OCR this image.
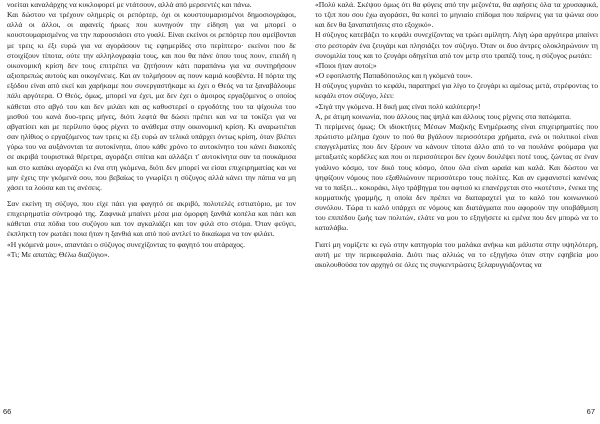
νοείται καναλάρχης να κυκλοφορεί με ντάτσουν, αλλά από μερσεντές και πάνω.

Και δώστου να τρέχουν ολημερίς οι ρεπόρτερ, όχι οι κουστουμαρισμένοι δημοσιογράφοι, αλλά οι άλλοι, οι αφανείς ήρωες που κυνηγούν την είδηση για να μπορεί ο κουστουμαρισμένος να την παρουσιάσει στο γυαλί. Είναι εκείνοι οι ρεπόρτερ που αμείβονται με τρεις κι έξι ευρώ για να αγοράσουν τις εφημερίδες στο περίπτερο· εκείνοι που δε στοιχίζουν τίποτα, ούτε την αλληλογραφία τους, και που θα πάνε όπου τους πουν, επειδή η οικονομική κρίση δεν τους επιτρέπει να ζητήσουν κάτι παραπάνω για να συντηρήσουν αξιοπρεπώς αυτούς και οικογένειες. Και αν τολμήσουν ας πουν καμιά κουβέντα. Η πόρτα της εξόδου είναι από εκεί και χαρήκαμε που συνεργαστήκαμε κι έχει ο Θεός να τα ξαναβάλουμε πάλι αργότερα. Ο Θεός, όμως, μπορεί να έχει, μα δεν έχει ο άμοιρος εργαζόμενος ο οποίος κάθεται στο αβγό του και δεν μιλάει και ας καθυστερεί ο εργοδότης του τα ψίχουλα του μισθού του κανά δυο-τρεις μήνες, διότι λεφτά θα δώσει πρέπει και να τα τοκίζει για να αβγατίσει και με περίλυπο ύφος ρίχνει το ανάθεμα στην οικονομική κρίση. Κι αναρωτιέται σαν ηλίθιος ο εργαζόμενος των τρεις κι έξι ευρώ αν τελικά υπάρχει όντως κρίση, όταν βλέπει γύρω του να αυξάνονται τα αυτοκίνητα, όπου κάθε χρόνο το αυτοκίνητο του κάνει διακοπές σε ακριβά τουριστικά θέρετρα, αγοράζει σπίτια και αλλάζει τ' αυτοκίνητα σαν τα πουκάμισα και στο καπάκι αγοράζει κι ένα στη γκόμενα, διότι δεν μπορεί να είσαι επιχειρηματίας και να μην έχεις την γκόμενά σου, που βεβαίως το γνωρίζει η σύζυγος αλλά κάνει την πάπια να μη χάσει τα λούσα και τις ανέσεις.

Σαν εκείνη τη σύζυγο, που είχε πάει για φαγητό σε ακριβό, πολυτελές εστιατόριο, με τον επιχειρηματία σύντροφό της. Ζαφνικά μπαίνει μέσα μια όμορφη ξανθιά κοπέλα και πάει και κάθεται στα πόδια του συζύγου και τον αγκαλιάζει και τον φιλά στο στόμα. Όταν φεύγει, έκπληκτη τον ρωτάει ποια ήταν η ξανθιά και από πού αντλεί το δικαίωμα να τον φιλάει.

«Η γκόμενά μου», απαντάει ο σύζυγος συνεχίζοντας το φαγητό του ατάραχος.

«Τι; Με απατάς; Θέλω διαζύγιο».

66

«Πολύ καλά. Σκέψου όμως ότι θα φύγεις από την μεζονέτα, θα αφήσεις όλα τα χρυσαφικά, το τζιπ που σου έχω αγοράσει, θα κοπεί το μηνιαίο επίδομα που παίρνεις για τα ψώνια σου και δεν θα ξαναπατήσεις στο εξοχικό».

Η σύζυγος κατεβάζει το κεφάλι συνεχίζοντας να τρώει αμίλητη. Λίγη ώρα αργότερα μπαίνει στο ρεστοράν ένα ζευγάρι και πλησιάζει τον σύζυγο. Όταν οι δυο άντρες ολοκληρώνουν τη συνομιλία τους και το ζευγάρι οδηγείται από τον μετρ στο τραπέζι τους, η σύζυγος ρωτάει:

«Ποιοι ήταν αυτοί;»

«Ο εφοπλιστής Παπαδόπουλος και η γκόμενά του».

Η σύζυγος γυρνάει το κεφάλι, παρατηρεί για λίγο το ζευγάρι κι αμέσως μετά, στρέφοντας το κεφάλι στον σύζυγο, λέει:

«Σιγά την γκόμενα. Η δική μας είναι πολύ καλύτερη»!

Α, ρε άτιμη κοινωνία, που άλλους πας ψηλά και άλλους τους ρίχνεις στα πατώματα.

Τι περίμενες όμως; Οι ιδιοκτήτες Μέσων Μαζικής Ενημέρωσης είναι επιχειρηματίες που πρώτιστο μέλημα έχουν το πού θα βγάλουν περισσότερα χρήματα, ενώ οι πολιτικοί είναι επαγγελματίες που δεν ξέρουν να κάνουν τίποτα άλλο από το να πουλάνε φούμαρα για μεταξωτές κορδέλες και που οι περισσότεροι δεν έχουν δουλέψει ποτέ τους, ζώντας σε έναν γυάλινο κόσμο, τον δικό τους κόσμο, όπου όλα είναι ωραία και καλά. Και δώστου να ψηφίζουν νόμους που εξαθλιώνουν περισσότερο τους πολίτες. Και αν εμφανιστεί κανένας να το παίξει... κοκοράκι, λίγο τράβηγμα του αφτιού κι επανέρχεται στο «κοτέτσι», ένεκα της κομματικής γραμμής, η οποία δεν πρέπει να διαταραχτεί για το καλό του κοινωνικού συνόλου. Τώρα τι καλό υπάρχει σε νόμους και διατάγματα που αφορούν την υποβάθμιση του επιπέδου ζωής των πολιτών, ελάτε να μου το εξηγήσετε κι εμένα που δεν μπορώ να το καταλάβω.

Γιατί μη νομίζετε κι εγώ στην κατηγορία του μαλάκα ανήκω και μάλιστα στην υψηλότερη, αυτή με την περικεφαλαία. Διότι πως αλλιώς να το εξηγήσω όταν στην εφηβεία μου ακολουθούσα τον αρχηγό σε όλες τις συγκεντρώσεις ξελαρυγγιάζοντας να

67
